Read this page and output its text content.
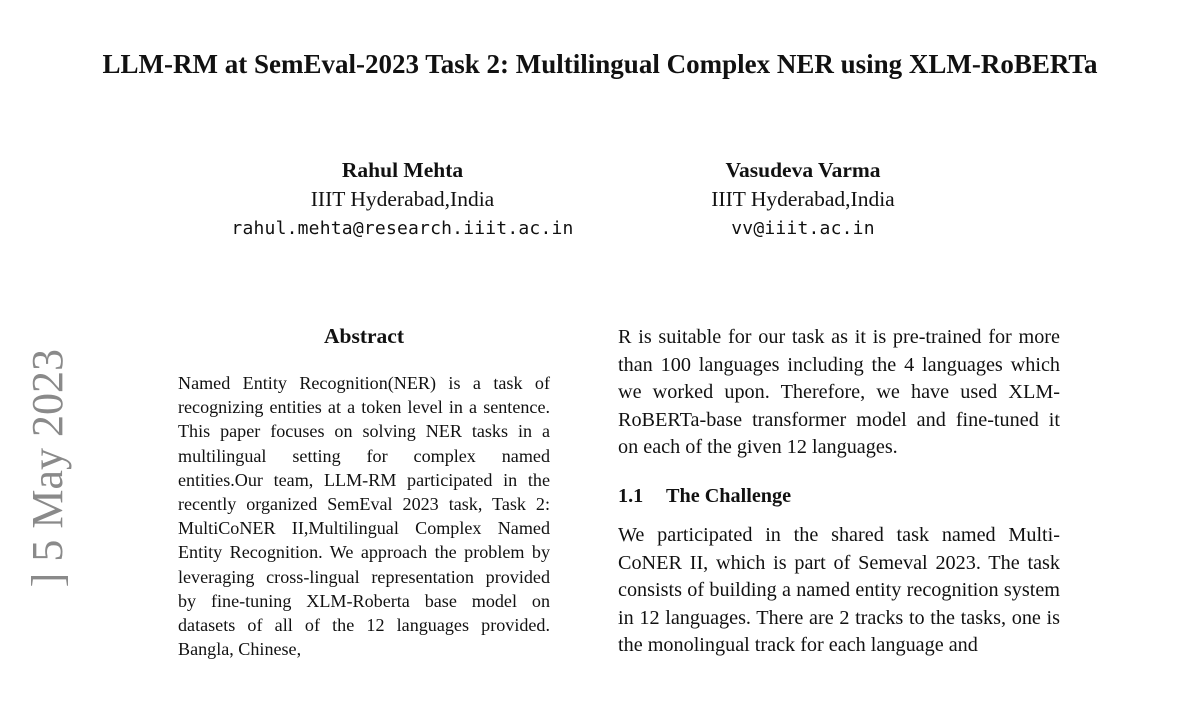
LLM-RM at SemEval-2023 Task 2: Multilingual Complex NER using XLM-RoBERTa
Rahul Mehta
IIIT Hyderabad,India
rahul.mehta@research.iiit.ac.in
Vasudeva Varma
IIIT Hyderabad,India
vv@iiit.ac.in
] 5 May 2023
Abstract
Named Entity Recognition(NER) is a task of recognizing entities at a token level in a sentence. This paper focuses on solving NER tasks in a multilingual setting for complex named entities.Our team, LLM-RM participated in the recently organized SemEval 2023 task, Task 2: MultiCoNER II,Multilingual Complex Named Entity Recognition. We approach the problem by leveraging cross-lingual representation provided by fine-tuning XLM-Roberta base model on datasets of all of the 12 languages provided. Bangla, Chinese,
R is suitable for our task as it is pre-trained for more than 100 languages including the 4 languages which we worked upon. Therefore, we have used XLM-RoBERTa-base transformer model and fine-tuned it on each of the given 12 languages.
1.1 The Challenge
We participated in the shared task named Multi-CoNER II, which is part of Semeval 2023. The task consists of building a named entity recognition system in 12 languages. There are 2 tracks to the tasks, one is the monolingual track for each language and
